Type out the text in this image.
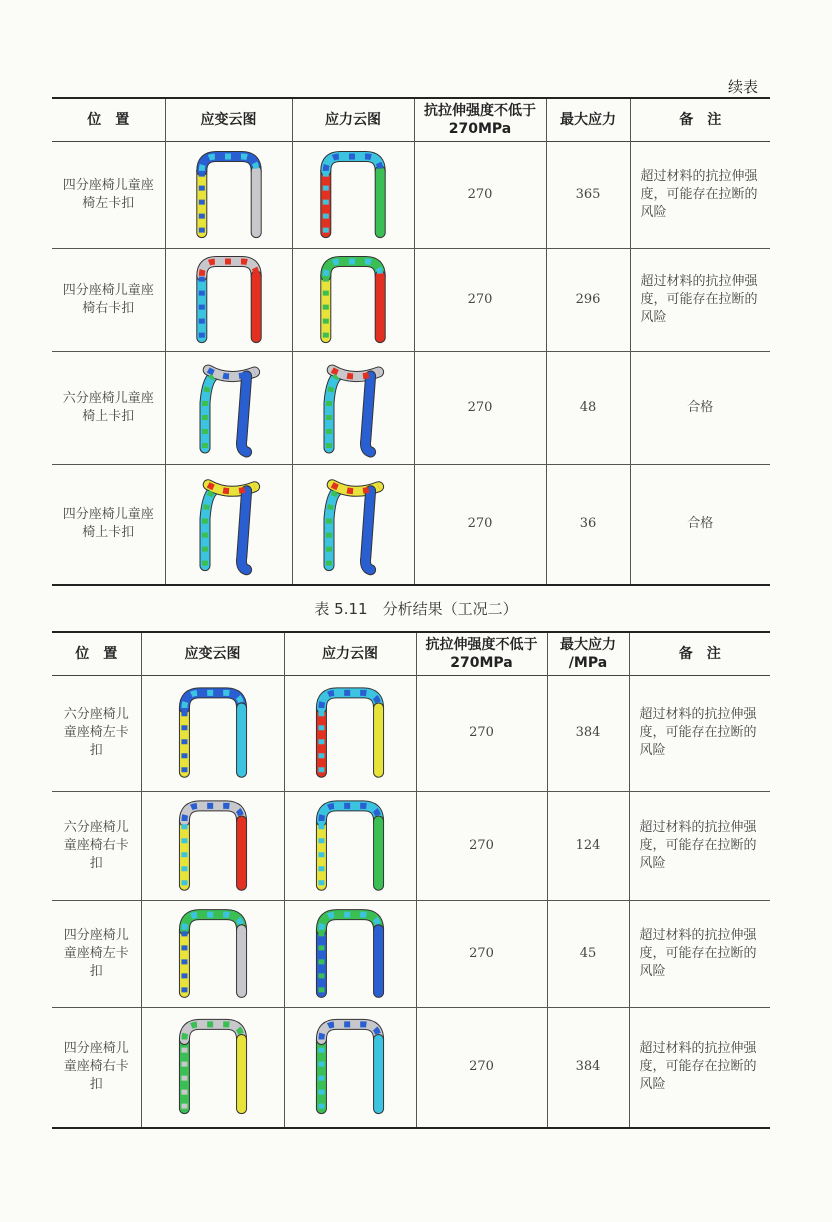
续表
位　置	应变云图	应力云图	抗拉伸强度不低于 270MPa	最大应力	备　注
四分座椅儿童座椅左卡扣			270	365	超过材料的抗拉伸强度，可能存在拉断的风险
四分座椅儿童座椅右卡扣			270	296	超过材料的抗拉伸强度，可能存在拉断的风险
六分座椅儿童座椅上卡扣			270	48	合格
四分座椅儿童座椅上卡扣			270	36	合格
表 5.11　分析结果（工况二）
位　置	应变云图	应力云图	抗拉伸强度不低于 270MPa	最大应力 /MPa	备　注
六分座椅儿童座椅左卡扣			270	384	超过材料的抗拉伸强度，可能存在拉断的风险
六分座椅儿童座椅右卡扣			270	124	超过材料的抗拉伸强度，可能存在拉断的风险
四分座椅儿童座椅左卡扣			270	45	超过材料的抗拉伸强度，可能存在拉断的风险
四分座椅儿童座椅右卡扣			270	384	超过材料的抗拉伸强度，可能存在拉断的风险
